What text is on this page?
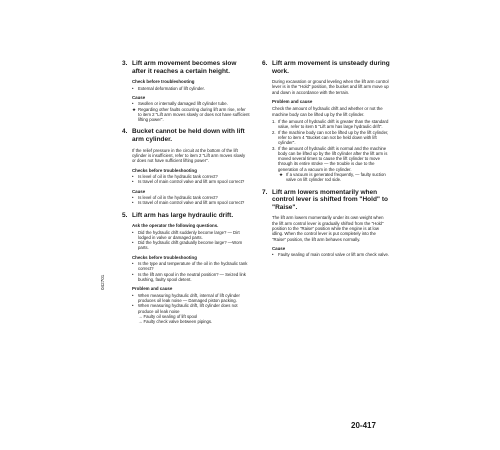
3. Lift arm movement becomes slow after it reaches a certain height.
Check before troubleshooting
• External deformation of lift cylinder.
Cause
• Swollen or internally damaged lift cylinder tube.
★ Regarding other faults occurring during lift arm rise, refer to item 2 "Lift arm moves slowly or does not have sufficient lifting power".
4. Bucket cannot be held down with lift arm cylinder.
If the relief pressure in the circuit at the bottom of the lift cylinder is insufficient, refer to item 2 "Lift arm moves slowly or does not have sufficient lifting power".
Checks before troubleshooting
• Is level of oil in the hydraulic tank correct?
• Is travel of main control valve and lift arm spool correct?
Cause
• Is level of oil in the hydraulic tank correct?
• Is travel of main control valve and lift arm spool correct?
5. Lift arm has large hydraulic drift.
Ask the operator the following questions.
• Did the hydraulic drift suddenly become large? — Dirt lodged in valve or damaged parts.
• Did the hydraulic drift gradually become large? —Worn parts.
Checks before troubleshooting
• Is the type and temperature of the oil in the hydraulic tank correct?
• Is the lift arm spool in the neutral position? — Seized link bushing, faulty spool detent.
Problem and cause
• When measuring hydraulic drift, internal of lift cylinder produces oil leak noise — Damaged piston packing.
• When measuring hydraulic drift, lift cylinder does not produce oil leak noise
→ Faulty oil sealing of lift spool
→ Faulty check valve between pipings.
6. Lift arm movement is unsteady during work.
During excavation or ground leveling when the lift arm control lever is in the "Hold" position, the bucket and lift arm move up and down in accordance with the terrain.
Problem and cause
Check the amount of hydraulic drift and whether or not the machine body can be lifted up by the lift cylinder.
1. If the amount of hydraulic drift is greater than the standard value, refer to item 5 "Lift arm has large hydraulic drift".
2. If the machine body can not be lifted up by the lift cylinder, refer to item 4 "Bucket can not be held down with lift cylinder".
3. If the amount of hydraulic drift is normal and the machine body can be lifted up by the lift cylinder after the lift arm is moved several times to cause the lift cylinder to move through its entire stroke — the trouble is due to the generation of a vacuum in the cylinder.
★ If a vacuum is generated frequently, — faulty suction valve on lift cylinder rod side.
7. Lift arm lowers momentarily when control lever is shifted from "Hold" to "Raise".
The lift arm lowers momentarily under its own weight when the lift arm control lever is gradually shifted from the "Hold" position to the "Raise" position while the engine is at low idling. When the control lever is put completely into the "Raise" position, the lift arm behaves normally.
Cause
• Faulty sealing of main control valve or lift arm check valve.
042701
20-417
